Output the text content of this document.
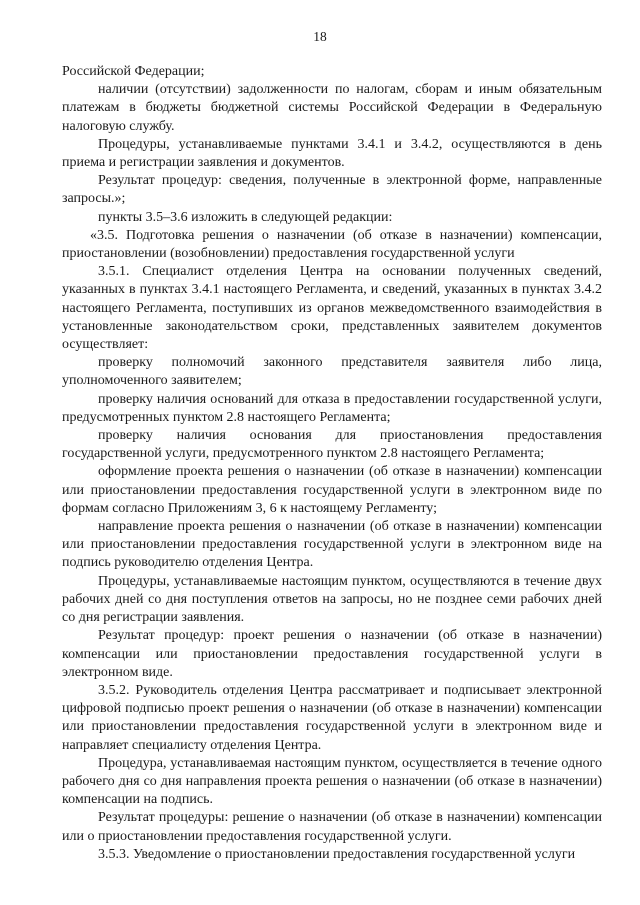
18

Российской Федерации;

наличии (отсутствии) задолженности по налогам, сборам и иным обязательным платежам в бюджеты бюджетной системы Российской Федерации в Федеральную налоговую службу.

Процедуры, устанавливаемые пунктами 3.4.1 и 3.4.2, осуществляются в день приема и регистрации заявления и документов.

Результат процедур: сведения, полученные в электронной форме, направленные запросы.»;

пункты 3.5–3.6 изложить в следующей редакции:

«3.5. Подготовка решения о назначении (об отказе в назначении) компенсации, приостановлении (возобновлении) предоставления государственной услуги

3.5.1. Специалист отделения Центра на основании полученных сведений, указанных в пунктах 3.4.1 настоящего Регламента, и сведений, указанных в пунктах 3.4.2 настоящего Регламента, поступивших из органов межведомственного взаимодействия в установленные законодательством сроки, представленных заявителем документов осуществляет:

проверку полномочий законного представителя заявителя либо лица, уполномоченного заявителем;

проверку наличия оснований для отказа в предоставлении государственной услуги, предусмотренных пунктом 2.8 настоящего Регламента;

проверку наличия основания для приостановления предоставления государственной услуги, предусмотренного пунктом 2.8 настоящего Регламента;

оформление проекта решения о назначении (об отказе в назначении) компенсации или приостановлении предоставления государственной услуги в электронном виде по формам согласно Приложениям 3, 6 к настоящему Регламенту;

направление проекта решения о назначении (об отказе в назначении) компенсации или приостановлении предоставления государственной услуги в электронном виде на подпись руководителю отделения Центра.

Процедуры, устанавливаемые настоящим пунктом, осуществляются в течение двух рабочих дней со дня поступления ответов на запросы, но не позднее семи рабочих дней со дня регистрации заявления.

Результат процедур: проект решения о назначении (об отказе в назначении) компенсации или приостановлении предоставления государственной услуги в электронном виде.

3.5.2. Руководитель отделения Центра рассматривает и подписывает электронной цифровой подписью проект решения о назначении (об отказе в назначении) компенсации или приостановлении предоставления государственной услуги в электронном виде и направляет специалисту отделения Центра.

Процедура, устанавливаемая настоящим пунктом, осуществляется в течение одного рабочего дня со дня направления проекта решения о назначении (об отказе в назначении) компенсации на подпись.

Результат процедуры: решение о назначении (об отказе в назначении) компенсации или о приостановлении предоставления государственной услуги.

3.5.3. Уведомление о приостановлении предоставления государственной услуги
